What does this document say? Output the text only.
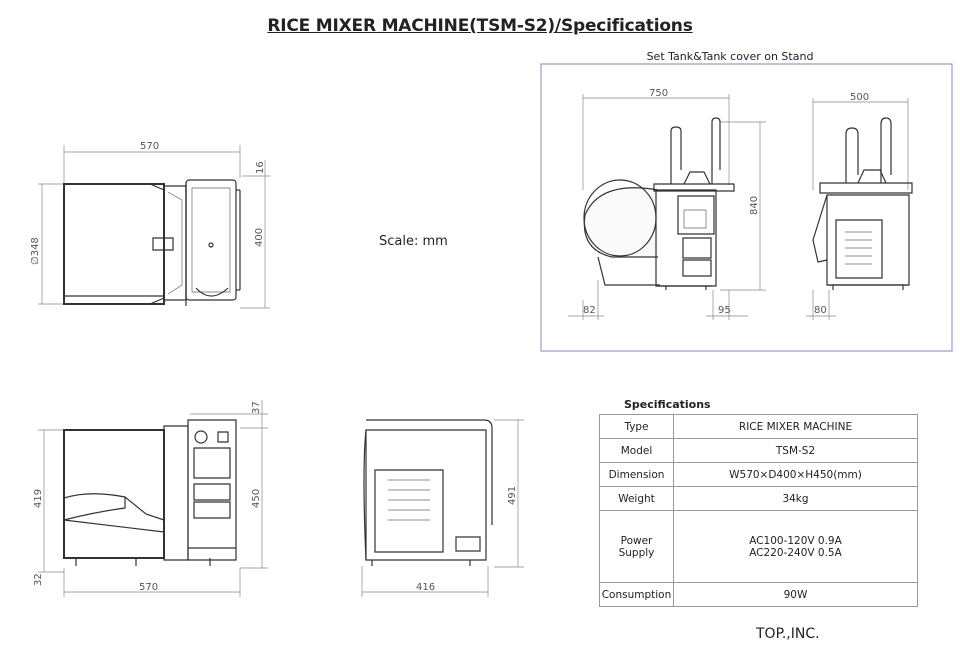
RICE MIXER MACHINE(TSM-S2)/Specifications
Scale: mm
Set Tank&Tank cover on Stand
570
∅348	400
16
750
840
82	95
500
80
37
450
419
32
570
491
416
Specifications
Type	RICE MIXER MACHINE
Model	TSM-S2
Dimension	W570×D400×H450(mm)
Weight	34kg
Power
Supply	AC100-120V 0.9A
AC220-240V 0.5A
Consumption	90W
TOP.,INC.
